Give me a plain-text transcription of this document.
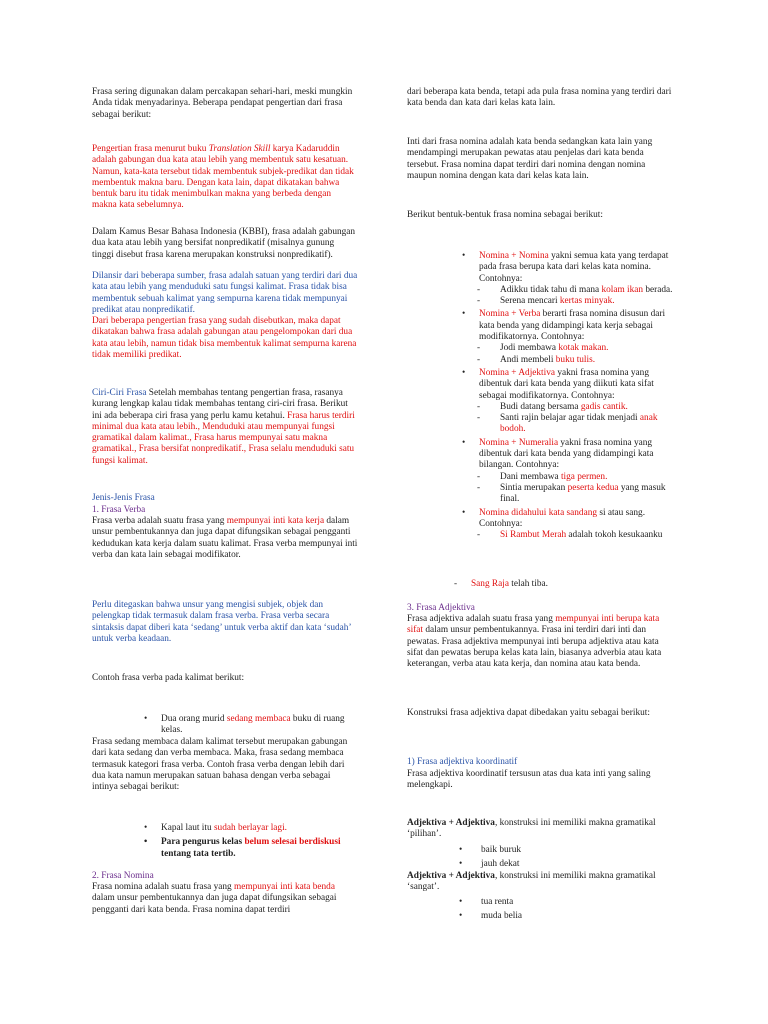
Frasa sering digunakan dalam percakapan sehari-hari, meski mungkin Anda tidak menyadarinya. Beberapa pendapat pengertian dari frasa sebagai berikut:

Pengertian frasa menurut buku Translation Skill karya Kadaruddin adalah gabungan dua kata atau lebih yang membentuk satu kesatuan. Namun, kata-kata tersebut tidak membentuk subjek-predikat dan tidak membentuk makna baru. Dengan kata lain, dapat dikatakan bahwa bentuk baru itu tidak menimbulkan makna yang berbeda dengan makna kata sebelumnya.

Dalam Kamus Besar Bahasa Indonesia (KBBI), frasa adalah gabungan dua kata atau lebih yang bersifat nonpredikatif (misalnya gunung tinggi disebut frasa karena merupakan konstruksi nonpredikatif).

Dilansir dari beberapa sumber, frasa adalah satuan yang terdiri dari dua kata atau lebih yang menduduki satu fungsi kalimat. Frasa tidak bisa membentuk sebuah kalimat yang sempurna karena tidak mempunyai predikat atau nonpredikatif.

Dari beberapa pengertian frasa yang sudah disebutkan, maka dapat dikatakan bahwa frasa adalah gabungan atau pengelompokan dari dua kata atau lebih, namun tidak bisa membentuk kalimat sempurna karena tidak memiliki predikat.

Ciri-Ciri Frasa Setelah membahas tentang pengertian frasa, rasanya kurang lengkap kalau tidak membahas tentang ciri-ciri frasa. Berikut ini ada beberapa ciri frasa yang perlu kamu ketahui. Frasa harus terdiri minimal dua kata atau lebih., Menduduki atau mempunyai fungsi gramatikal dalam kalimat., Frasa harus mempunyai satu makna gramatikal., Frasa bersifat nonpredikatif., Frasa selalu menduduki satu fungsi kalimat.

Jenis-Jenis Frasa

1. Frasa Verba

Frasa verba adalah suatu frasa yang mempunyai inti kata kerja dalam unsur pembentukannya dan juga dapat difungsikan sebagai pengganti kedudukan kata kerja dalam suatu kalimat. Frasa verba mempunyai inti verba dan kata lain sebagai modifikator.

Perlu ditegaskan bahwa unsur yang mengisi subjek, objek dan pelengkap tidak termasuk dalam frasa verba. Frasa verba secara sintaksis dapat diberi kata ‘sedang’ untuk verba aktif dan kata ‘sudah’ untuk verba keadaan.

Contoh frasa verba pada kalimat berikut:

• Dua orang murid sedang membaca buku di ruang kelas.

Frasa sedang membaca dalam kalimat tersebut merupakan gabungan dari kata sedang dan verba membaca. Maka, frasa sedang membaca termasuk kategori frasa verba. Contoh frasa verba dengan lebih dari dua kata namun merupakan satuan bahasa dengan verba sebagai intinya sebagai berikut:

• Kapal laut itu sudah berlayar lagi.
• Para pengurus kelas belum selesai berdiskusi tentang tata tertib.

2. Frasa Nomina

Frasa nomina adalah suatu frasa yang mempunyai inti kata benda dalam unsur pembentukannya dan juga dapat difungsikan sebagai pengganti dari kata benda. Frasa nomina dapat terdiri

dari beberapa kata benda, tetapi ada pula frasa nomina yang terdiri dari kata benda dan kata dari kelas kata lain.

Inti dari frasa nomina adalah kata benda sedangkan kata lain yang mendampingi merupakan pewatas atau penjelas dari kata benda tersebut. Frasa nomina dapat terdiri dari nomina dengan nomina maupun nomina dengan kata dari kelas kata lain.

Berikut bentuk-bentuk frasa nomina sebagai berikut:

• Nomina + Nomina yakni semua kata yang terdapat pada frasa berupa kata dari kelas kata nomina.
Contohnya:
- Adikku tidak tahu di mana kolam ikan berada.
- Serena mencari kertas minyak.
• Nomina + Verba berarti frasa nomina disusun dari kata benda yang didampingi kata kerja sebagai modifikatornya. Contohnya:
- Jodi membawa kotak makan.
- Andi membeli buku tulis.
• Nomina + Adjektiva yakni frasa nomina yang dibentuk dari kata benda yang diikuti kata sifat sebagai modifikatornya. Contohnya:
- Budi datang bersama gadis cantik.
- Santi rajin belajar agar tidak menjadi anak bodoh.
• Nomina + Numeralia yakni frasa nomina yang dibentuk dari kata benda yang didampingi kata bilangan. Contohnya:
- Dani membawa tiga permen.
- Sintia merupakan peserta kedua yang masuk final.
• Nomina didahului kata sandang si atau sang.
Contohnya:
- Si Rambut Merah adalah tokoh kesukaanku
- Sang Raja telah tiba.

3. Frasa Adjektiva

Frasa adjektiva adalah suatu frasa yang mempunyai inti berupa kata sifat dalam unsur pembentukannya. Frasa ini terdiri dari inti dan pewatas. Frasa adjektiva mempunyai inti berupa adjektiva atau kata sifat dan pewatas berupa kelas kata lain, biasanya adverbia atau kata keterangan, verba atau kata kerja, dan nomina atau kata benda.

Konstruksi frasa adjektiva dapat dibedakan yaitu sebagai berikut:

1) Frasa adjektiva koordinatif

Frasa adjektiva koordinatif tersusun atas dua kata inti yang saling melengkapi.

Adjektiva + Adjektiva, konstruksi ini memiliki makna gramatikal ‘pilihan’.

• baik buruk
• jauh dekat

Adjektiva + Adjektiva, konstruksi ini memiliki makna gramatikal ‘sangat’.

• tua renta
• muda belia
